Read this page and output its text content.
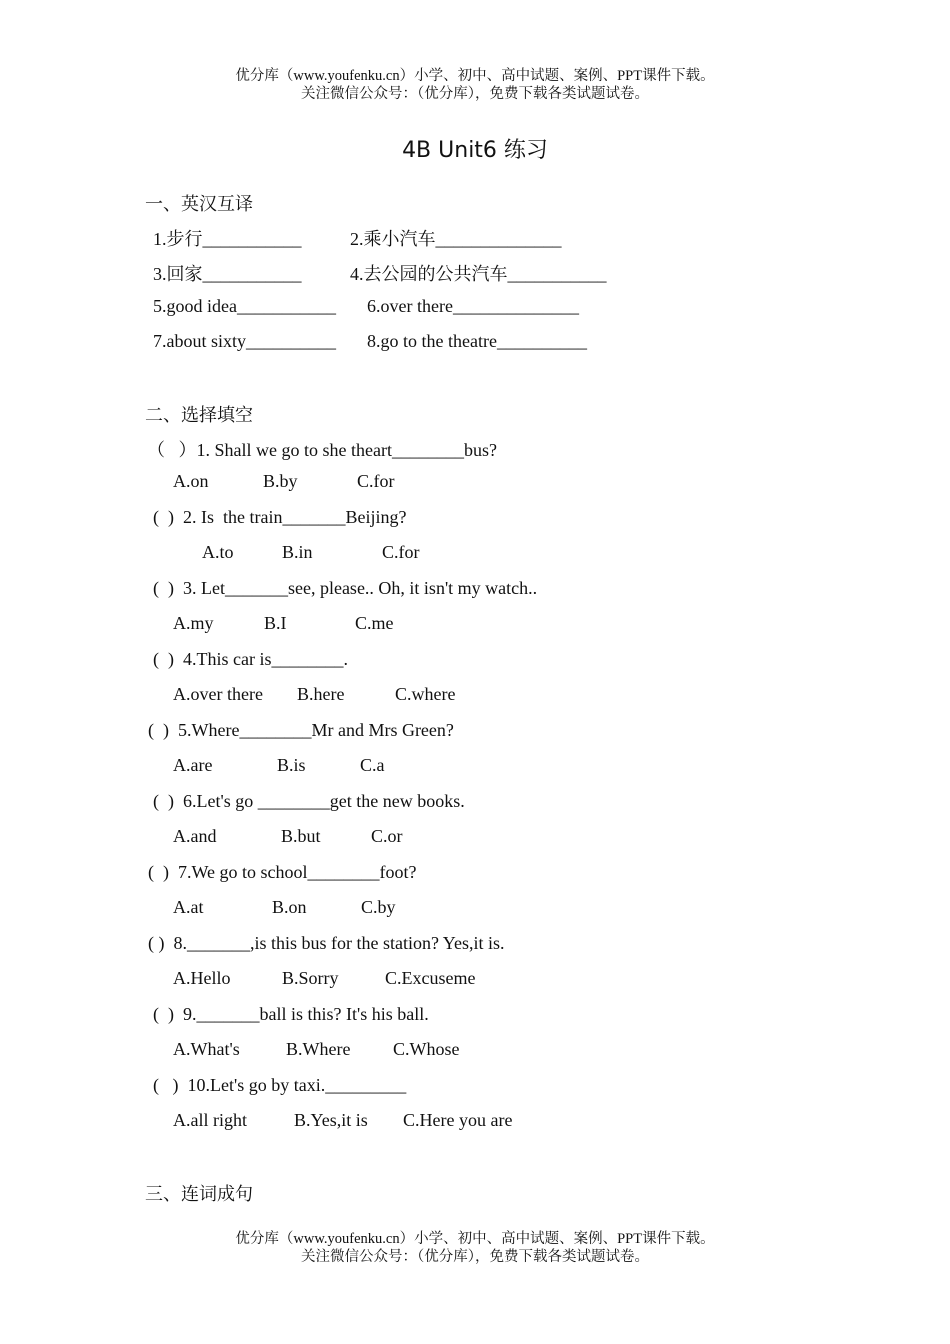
优分库（www.youfenku.cn）小学、初中、高中试题、案例、PPT课件下载。
关注微信公众号：（优分库），免费下载各类试题试卷。
4B Unit6 练习
一、英汉互译
1.步行___________	2.乘小汽车______________
3.回家___________	4.去公园的公共汽车___________
5.good idea___________ 6.over there______________
7.about sixty__________ 8.go to the theatre__________
二、选择填空
（   ）1. Shall we go to she theart________bus?
A.on	B.by	C.for
(  )  2. Is  the train_______Beijing?
A.to	B.in	C.for
(  )  3. Let_______see, please.. Oh, it isn't my watch..
A.my	B.I	C.me
(  )  4.This car is________.
A.over there B.here	C.where
(  )  5.Where________Mr and Mrs Green?
A.are	B.is	C.a
(  )  6.Let's go ________get the new books.
A.and	B.but	C.or
(  )  7.We go to school________foot?
A.at	B.on	C.by
( )  8._______,is this bus for the station? Yes,it is.
A.Hello	B.Sorry	C.Excuseme
(  )  9._______ball is this? It's his ball.
A.What's	B.Where C.Whose
(   )  10.Let's go by taxi._________
A.all right	B.Yes,it is C.Here you are
三、连词成句
优分库（www.youfenku.cn）小学、初中、高中试题、案例、PPT课件下载。
关注微信公众号：（优分库），免费下载各类试题试卷。
